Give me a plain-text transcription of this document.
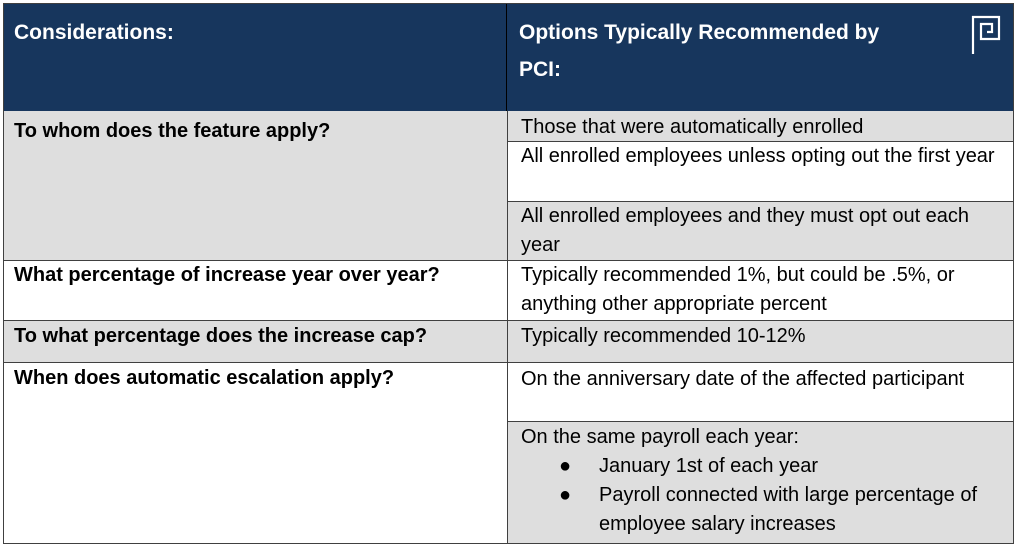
Considerations:	Options Typically Recommended by
PCI:
To whom does the feature apply?	Those that were automatically enrolled
All enrolled employees unless opting out the first year
All enrolled employees and they must opt out each year
What percentage of increase year over year?	Typically recommended 1%, but could be .5%, or anything other appropriate percent
To what percentage does the increase cap?	Typically recommended 10-12%
When does automatic escalation apply?	On the anniversary date of the affected participant
On the same payroll each year:
● January 1st of each year
● Payroll connected with large percentage of employee salary increases
